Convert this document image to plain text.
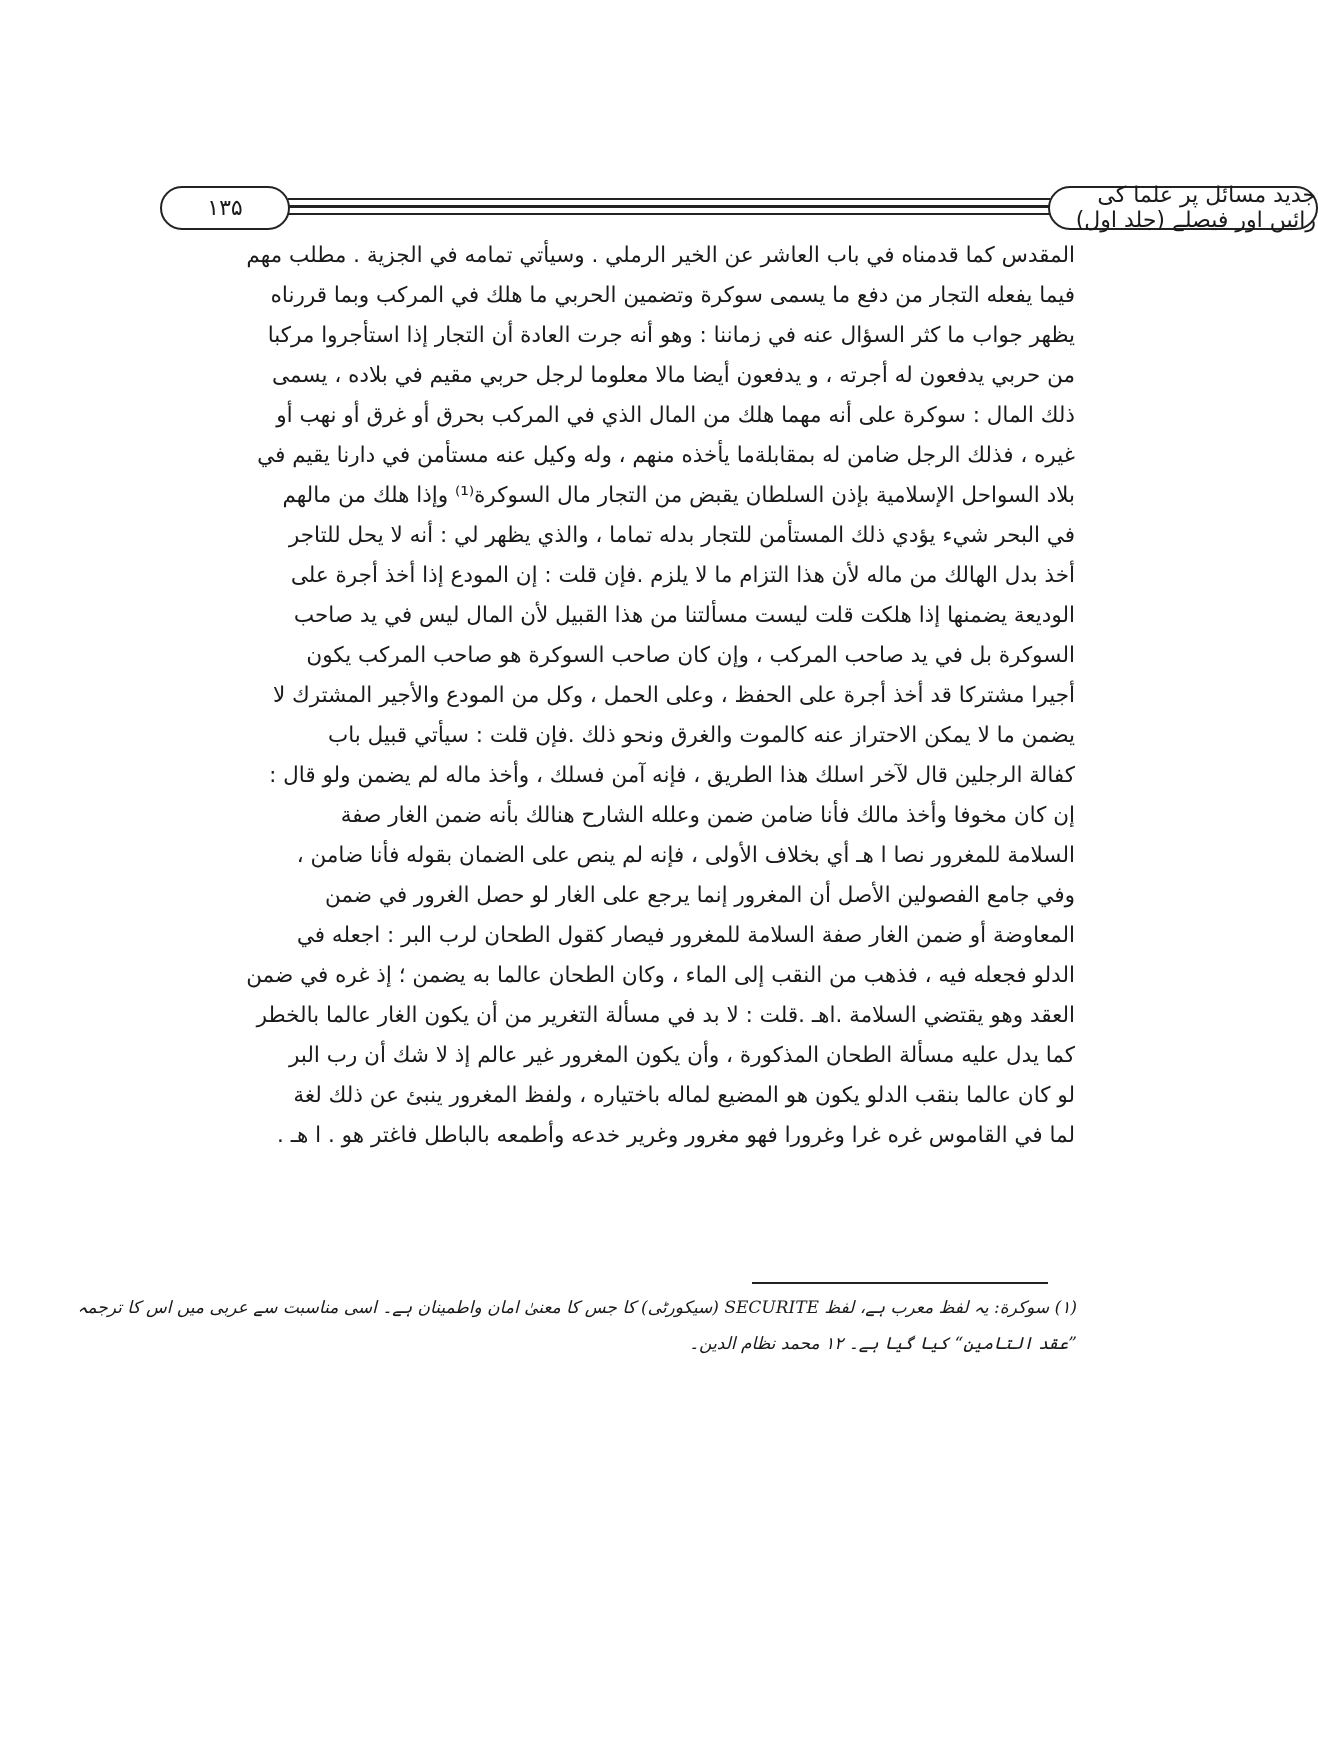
جدید مسائل پر علما کی رائیں اور فیصلے (جلد اول)
۱۳۵
المقدس كما قدمناه في باب العاشر عن الخير الرملي . وسيأتي تمامه في الجزية . مطلب مهم
فيما يفعله التجار من دفع ما يسمى سوكرة وتضمين الحربي ما هلك في المركب وبما قررناه
يظهر جواب ما كثر السؤال عنه في زماننا : وهو أنه جرت العادة أن التجار إذا استأجروا مركبا
من حربي يدفعون له أجرته ، و يدفعون أيضا مالا معلوما لرجل حربي مقيم في بلاده ، يسمى
ذلك المال : سوكرة على أنه مهما هلك من المال الذي في المركب بحرق أو غرق أو نهب أو
غيره ، فذلك الرجل ضامن له بمقابلةما يأخذه منهم ، وله وكيل عنه مستأمن في دارنا يقيم في
بلاد السواحل الإسلامية بإذن السلطان يقبض من التجار مال السوكرة⁽¹⁾ وإذا هلك من مالهم
في البحر شيء يؤدي ذلك المستأمن للتجار بدله تماما ، والذي يظهر لي : أنه لا يحل للتاجر
أخذ بدل الهالك من ماله لأن هذا التزام ما لا يلزم .فإن قلت : إن المودع إذا أخذ أجرة على
الوديعة يضمنها إذا هلكت قلت ليست مسألتنا من هذا القبيل لأن المال ليس في يد صاحب
السوكرة بل في يد صاحب المركب ، وإن كان صاحب السوكرة هو صاحب المركب يكون
أجيرا مشتركا قد أخذ أجرة على الحفظ ، وعلى الحمل ، وكل من المودع والأجير المشترك لا
يضمن ما لا يمكن الاحتراز عنه كالموت والغرق ونحو ذلك .فإن قلت : سيأتي قبيل باب
كفالة الرجلين قال لآخر اسلك هذا الطريق ، فإنه آمن فسلك ، وأخذ ماله لم يضمن ولو قال :
إن كان مخوفا وأخذ مالك فأنا ضامن ضمن وعلله الشارح هنالك بأنه ضمن الغار صفة
السلامة للمغرور نصا ا هـ أي بخلاف الأولى ، فإنه لم ينص على الضمان بقوله فأنا ضامن ،
وفي جامع الفصولين الأصل أن المغرور إنما يرجع على الغار لو حصل الغرور في ضمن
المعاوضة أو ضمن الغار صفة السلامة للمغرور فيصار كقول الطحان لرب البر : اجعله في
الدلو فجعله فيه ، فذهب من النقب إلى الماء ، وكان الطحان عالما به يضمن ؛ إذ غره في ضمن
العقد وهو يقتضي السلامة .اهـ .قلت : لا بد في مسألة التغرير من أن يكون الغار عالما بالخطر
كما يدل عليه مسألة الطحان المذكورة ، وأن يكون المغرور غير عالم إذ لا شك أن رب البر
لو كان عالما بنقب الدلو يكون هو المضيع لماله باختياره ، ولفظ المغرور ينبئ عن ذلك لغة
لما في القاموس غره غرا وغرورا فهو مغرور وغرير خدعه وأطمعه بالباطل فاغتر هو . ا هـ .
(۱) سوکرة: یہ لفظ معرب ہے، لفظ SECURITE (سیکورٹی) کا جس کا معنیٰ امان واطمینان ہے۔ اسی مناسبت سے عربی میں اس کا ترجمہ
”عقد التامین“ کیا گیا ہے۔ ۱۲ محمد نظام الدین۔
